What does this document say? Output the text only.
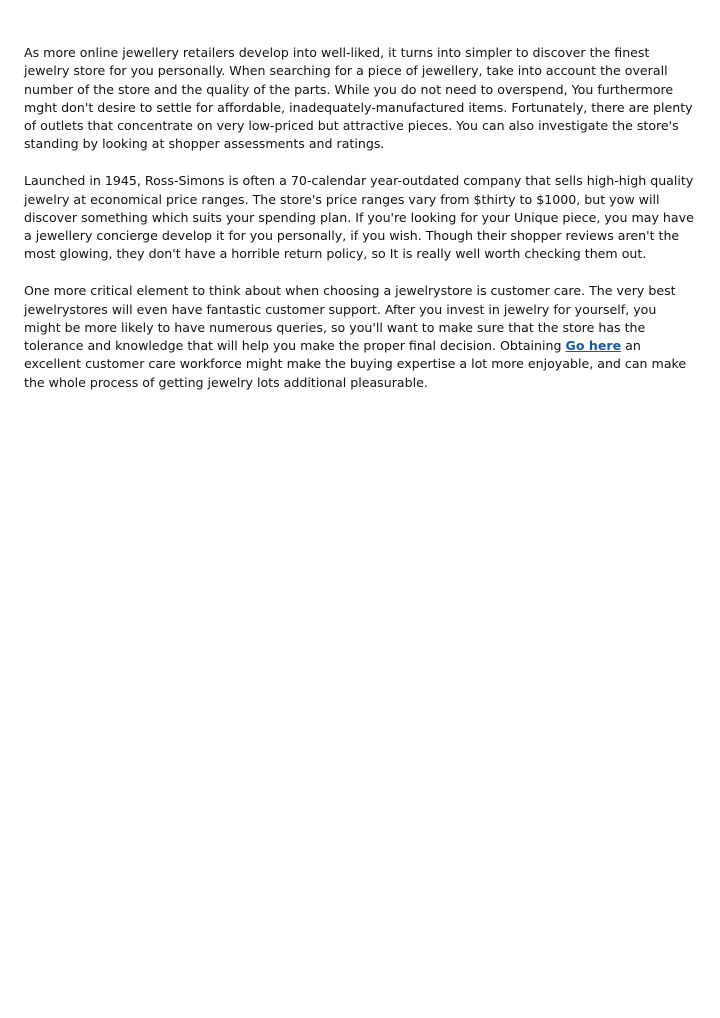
As more online jewellery retailers develop into well-liked, it turns into simpler to discover the finest jewelry store for you personally. When searching for a piece of jewellery, take into account the overall number of the store and the quality of the parts. While you do not need to overspend, You furthermore mght don't desire to settle for affordable, inadequately-manufactured items. Fortunately, there are plenty of outlets that concentrate on very low-priced but attractive pieces. You can also investigate the store's standing by looking at shopper assessments and ratings.

Launched in 1945, Ross-Simons is often a 70-calendar year-outdated company that sells high-high quality jewelry at economical price ranges. The store's price ranges vary from $thirty to $1000, but yow will discover something which suits your spending plan. If you're looking for your Unique piece, you may have a jewellery concierge develop it for you personally, if you wish. Though their shopper reviews aren't the most glowing, they don't have a horrible return policy, so It is really well worth checking them out.

One more critical element to think about when choosing a jewelrystore is customer care. The very best jewelrystores will even have fantastic customer support. After you invest in jewelry for yourself, you might be more likely to have numerous queries, so you'll want to make sure that the store has the tolerance and knowledge that will help you make the proper final decision. Obtaining Go here an excellent customer care workforce might make the buying expertise a lot more enjoyable, and can make the whole process of getting jewelry lots additional pleasurable.
